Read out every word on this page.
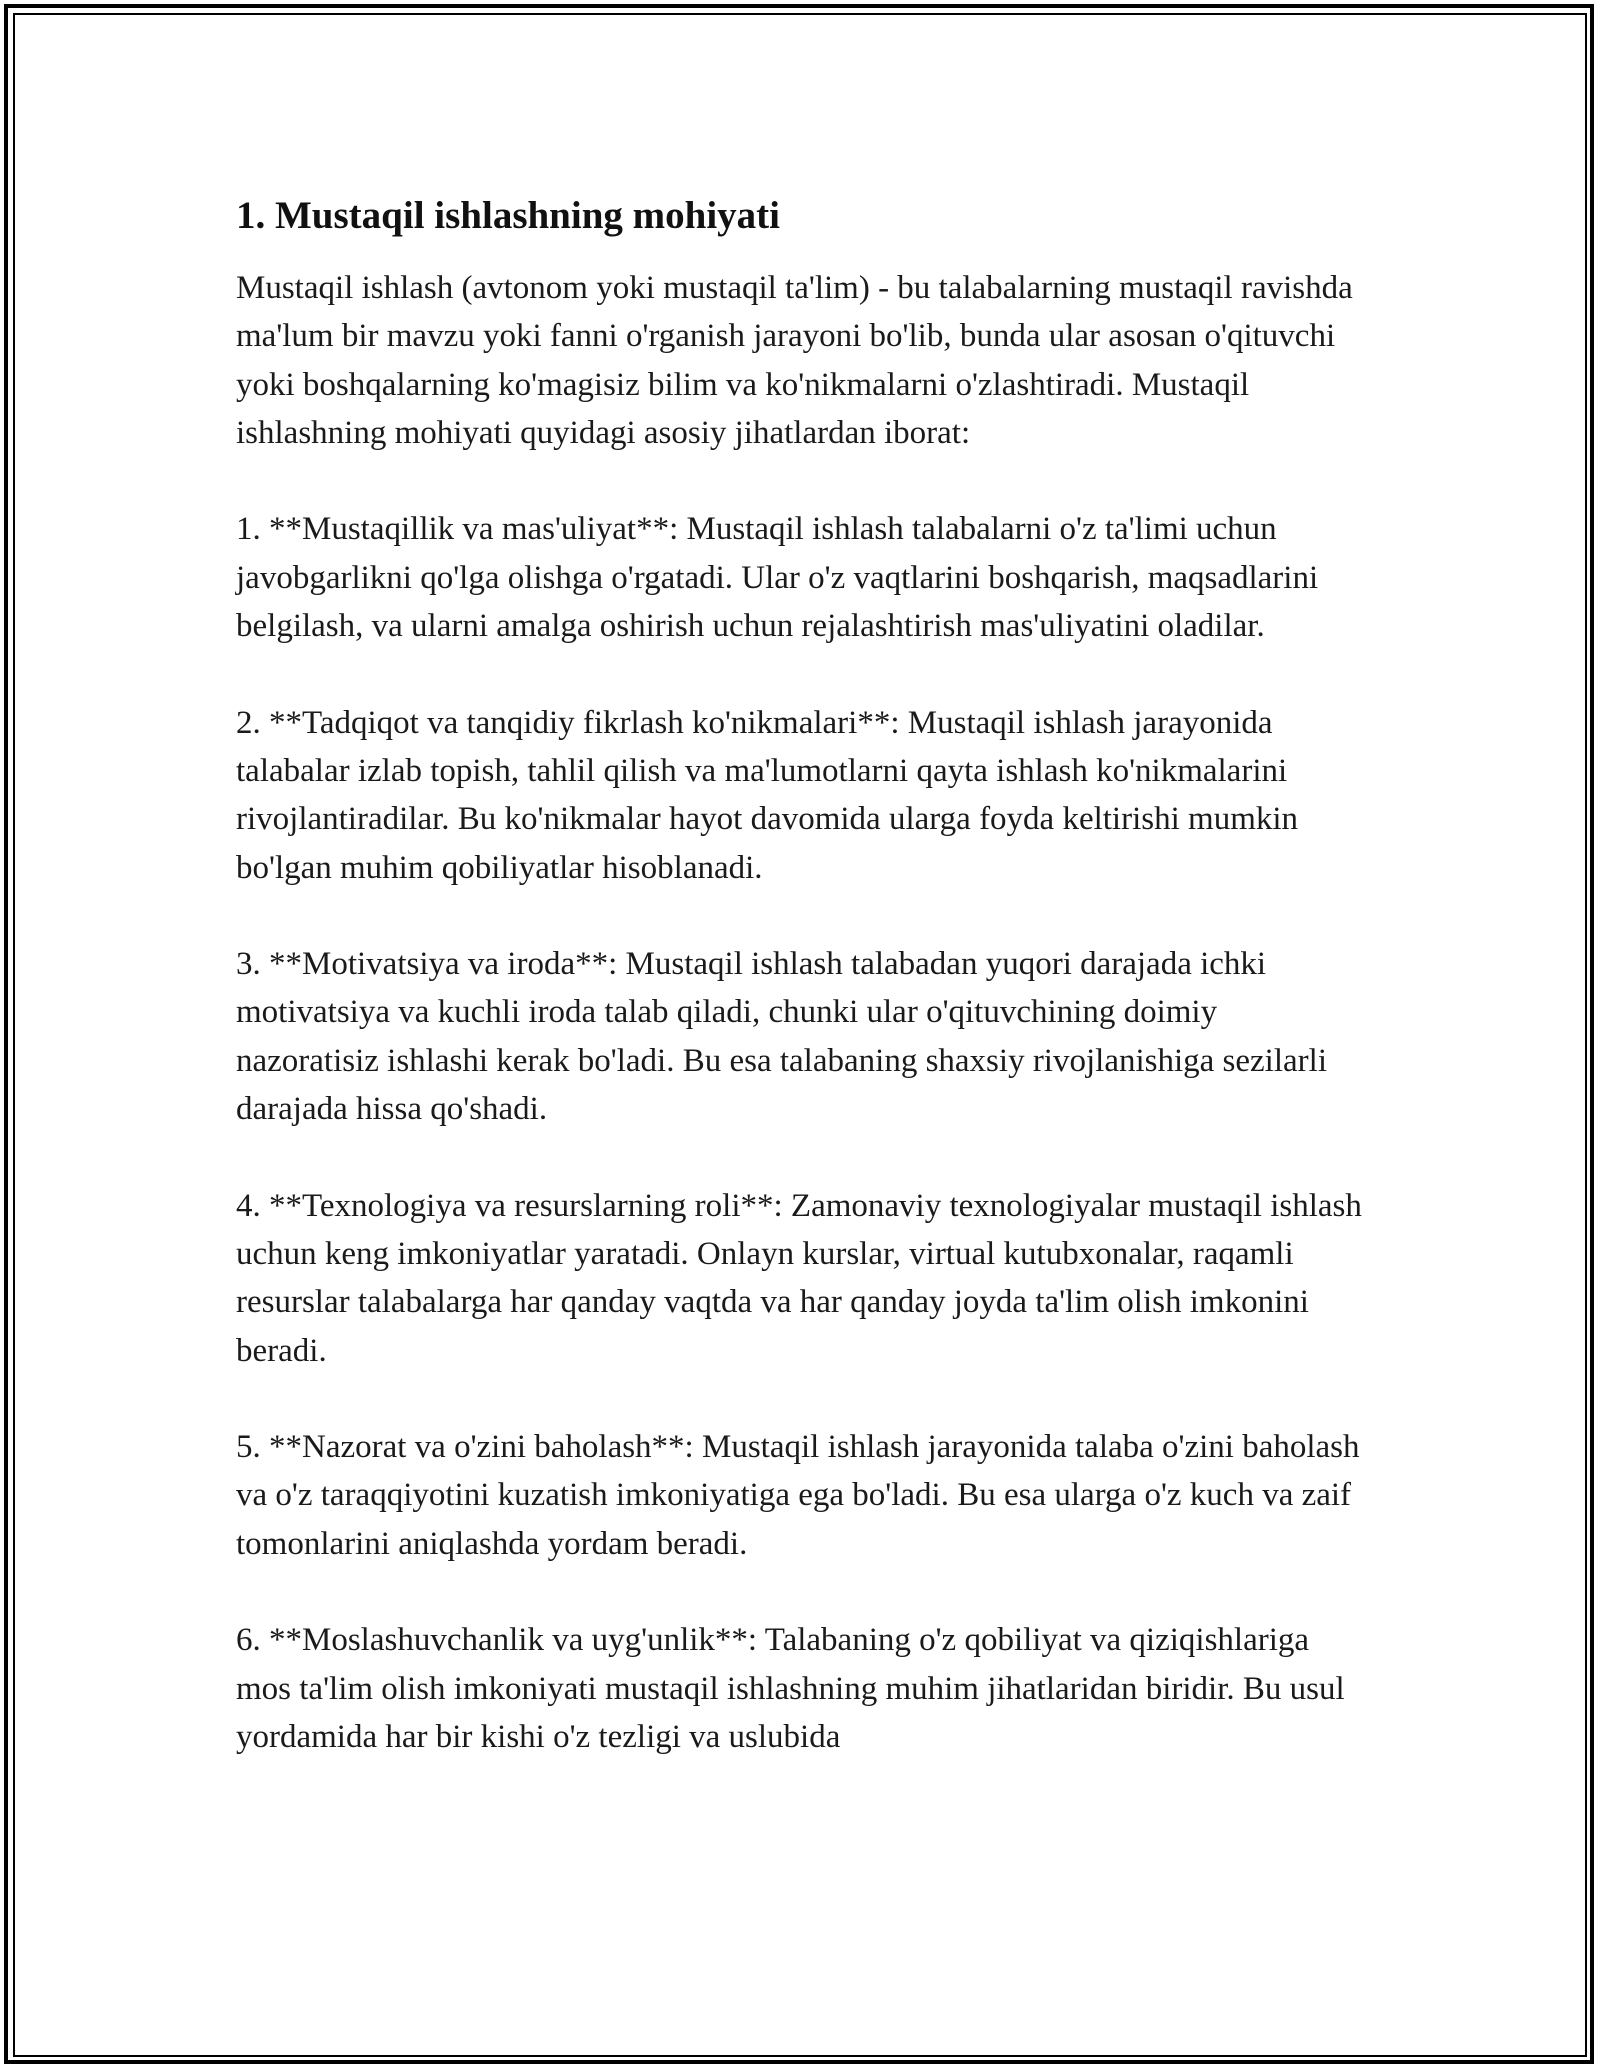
1. Mustaqil ishlashning mohiyati

Mustaqil ishlash (avtonom yoki mustaqil ta'lim) - bu talabalarning mustaqil ravishda ma'lum bir mavzu yoki fanni o'rganish jarayoni bo'lib, bunda ular asosan o'qituvchi yoki boshqalarning ko'magisiz bilim va ko'nikmalarni o'zlashtiradi. Mustaqil ishlashning mohiyati quyidagi asosiy jihatlardan iborat:

1. **Mustaqillik va mas'uliyat**: Mustaqil ishlash talabalarni o'z ta'limi uchun javobgarlikni qo'lga olishga o'rgatadi. Ular o'z vaqtlarini boshqarish, maqsadlarini belgilash, va ularni amalga oshirish uchun rejalashtirish mas'uliyatini oladilar.

2. **Tadqiqot va tanqidiy fikrlash ko'nikmalari**: Mustaqil ishlash jarayonida talabalar izlab topish, tahlil qilish va ma'lumotlarni qayta ishlash ko'nikmalarini rivojlantiradilar. Bu ko'nikmalar hayot davomida ularga foyda keltirishi mumkin bo'lgan muhim qobiliyatlar hisoblanadi.

3. **Motivatsiya va iroda**: Mustaqil ishlash talabadan yuqori darajada ichki motivatsiya va kuchli iroda talab qiladi, chunki ular o'qituvchining doimiy nazoratisiz ishlashi kerak bo'ladi. Bu esa talabaning shaxsiy rivojlanishiga sezilarli darajada hissa qo'shadi.

4. **Texnologiya va resurslarning roli**: Zamonaviy texnologiyalar mustaqil ishlash uchun keng imkoniyatlar yaratadi. Onlayn kurslar, virtual kutubxonalar, raqamli resurslar talabalarga har qanday vaqtda va har qanday joyda ta'lim olish imkonini beradi.

5. **Nazorat va o'zini baholash**: Mustaqil ishlash jarayonida talaba o'zini baholash va o'z taraqqiyotini kuzatish imkoniyatiga ega bo'ladi. Bu esa ularga o'z kuch va zaif tomonlarini aniqlashda yordam beradi.

6. **Moslashuvchanlik va uyg'unlik**: Talabaning o'z qobiliyat va qiziqishlariga mos ta'lim olish imkoniyati mustaqil ishlashning muhim jihatlaridan biridir. Bu usul yordamida har bir kishi o'z tezligi va uslubida
